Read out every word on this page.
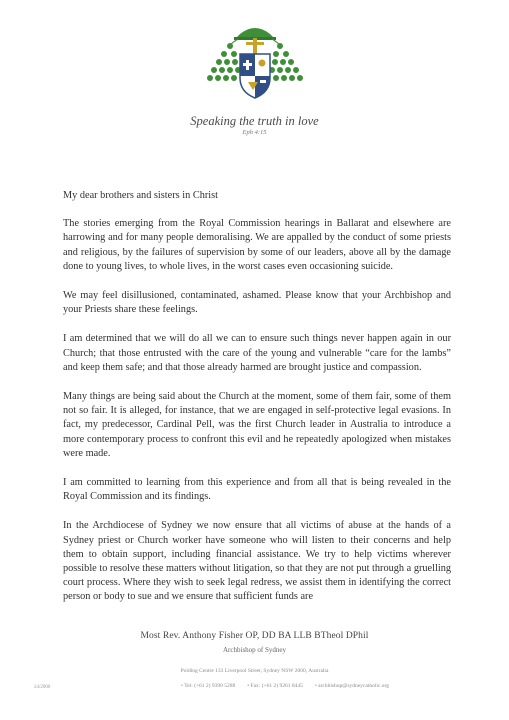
Speaking the truth in love
Eph 4:15

My dear brothers and sisters in Christ

The stories emerging from the Royal Commission hearings in Ballarat and elsewhere are harrowing and for many people demoralising. We are appalled by the conduct of some priests and religious, by the failures of supervision by some of our leaders, above all by the damage done to young lives, to whole lives, in the worst cases even occasioning suicide.

We may feel disillusioned, contaminated, ashamed. Please know that your Archbishop and your Priests share these feelings.

I am determined that we will do all we can to ensure such things never happen again in our Church; that those entrusted with the care of the young and vulnerable “care for the lambs” and keep them safe; and that those already harmed are brought justice and compassion.

Many things are being said about the Church at the moment, some of them fair, some of them not so fair. It is alleged, for instance, that we are engaged in self-protective legal evasions. In fact, my predecessor, Cardinal Pell, was the first Church leader in Australia to introduce a more contemporary process to confront this evil and he repeatedly apologized when mistakes were made.

I am committed to learning from this experience and from all that is being revealed in the Royal Commission and its findings.

In the Archdiocese of Sydney we now ensure that all victims of abuse at the hands of a Sydney priest or Church worker have someone who will listen to their concerns and help them to obtain support, including financial assistance. We try to help victims wherever possible to resolve these matters without litigation, so that they are not put through a gruelling court process. Where they wish to seek legal redress, we assist them in identifying the correct person or body to sue and we ensure that sufficient funds are

Most Rev. Anthony Fisher OP, DD BA LLB BTheol DPhil
Archbishop of Sydney
Polding Centre 133 Liverpool Street, Sydney NSW 2000, Australia
• Tel: (+61 2) 9390 5288 • Fax: (+61 2) 9261 8445 • archbishop@sydneycatholic.org
24/2000
